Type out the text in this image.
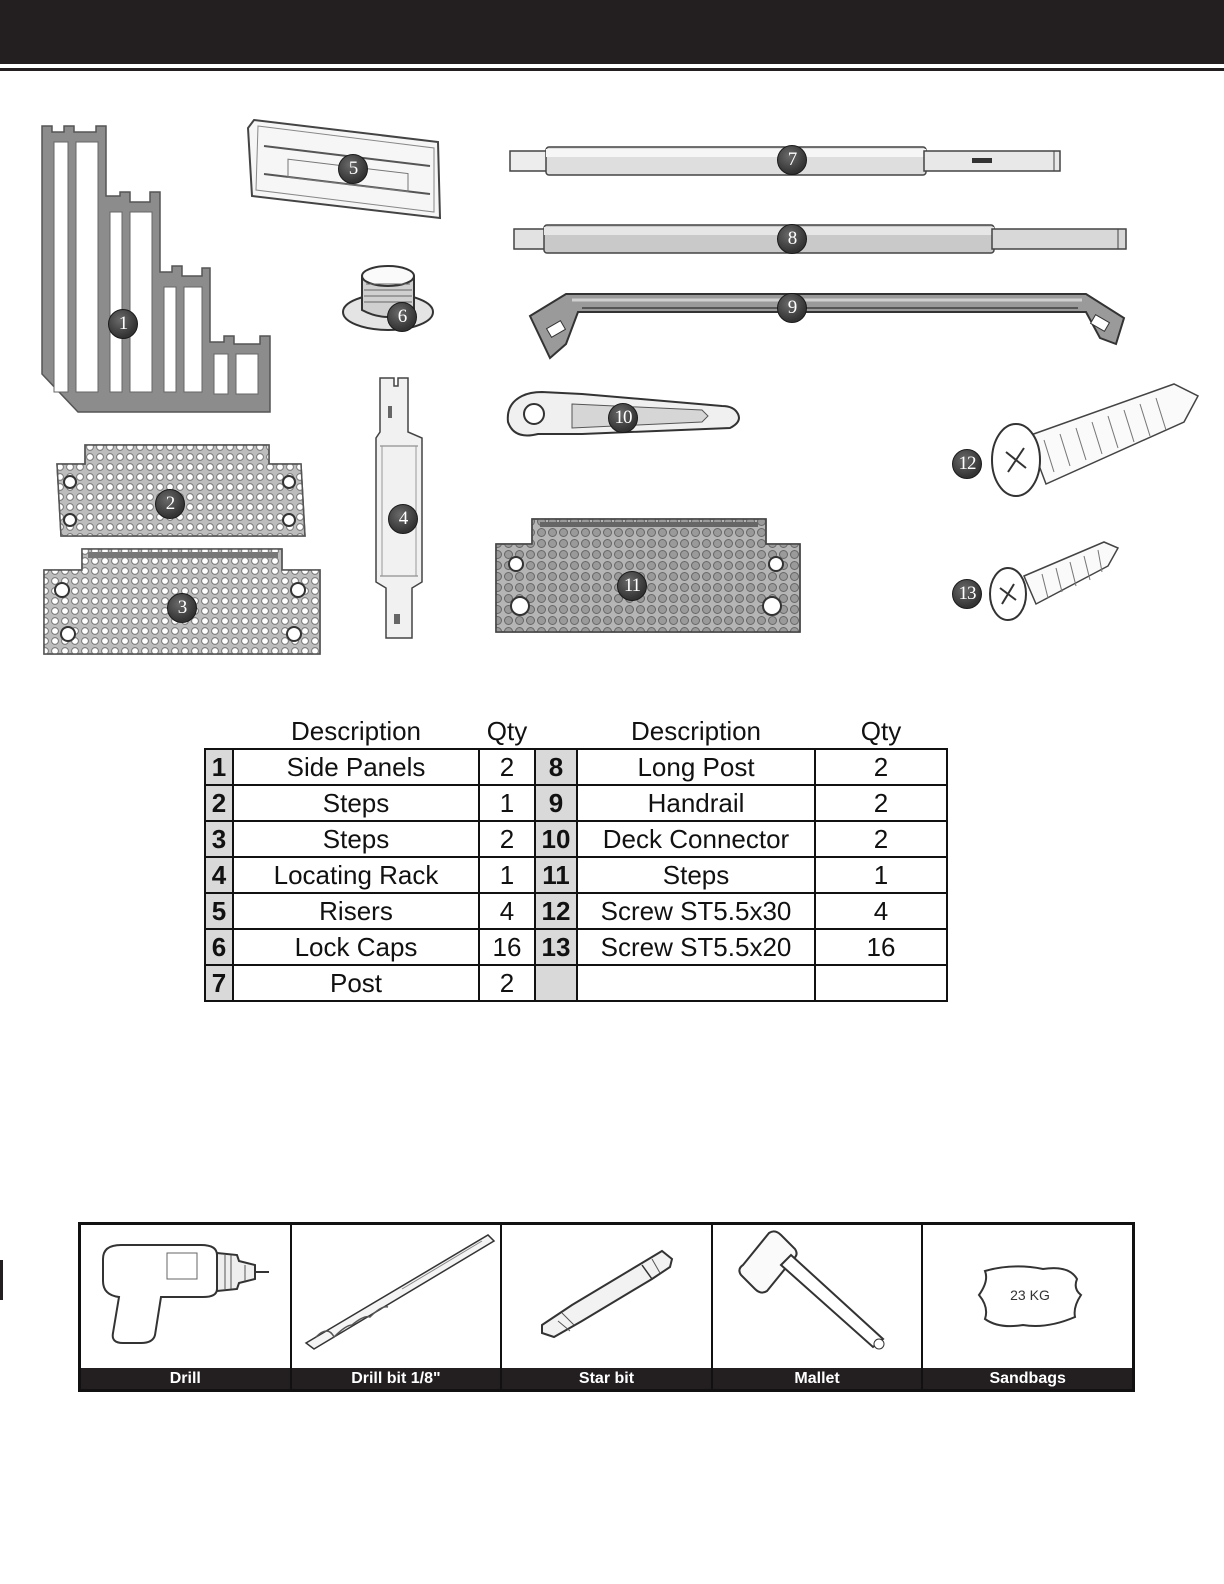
1
2
3
4
5
6
7
8
9
10
11
12
13
	Description	Qty		Description	Qty
1	Side Panels	2	8	Long Post	2
2	Steps	1	9	Handrail	2
3	Steps	2	10	Deck Connector	2
4	Locating Rack	1	11	Steps	1
5	Risers	4	12	Screw ST5.5x30	4
6	Lock Caps	16	13	Screw ST5.5x20	16
7	Post	2			
Drill	Drill bit 1/8"	Star bit	Mallet
23 KG
Sandbags
